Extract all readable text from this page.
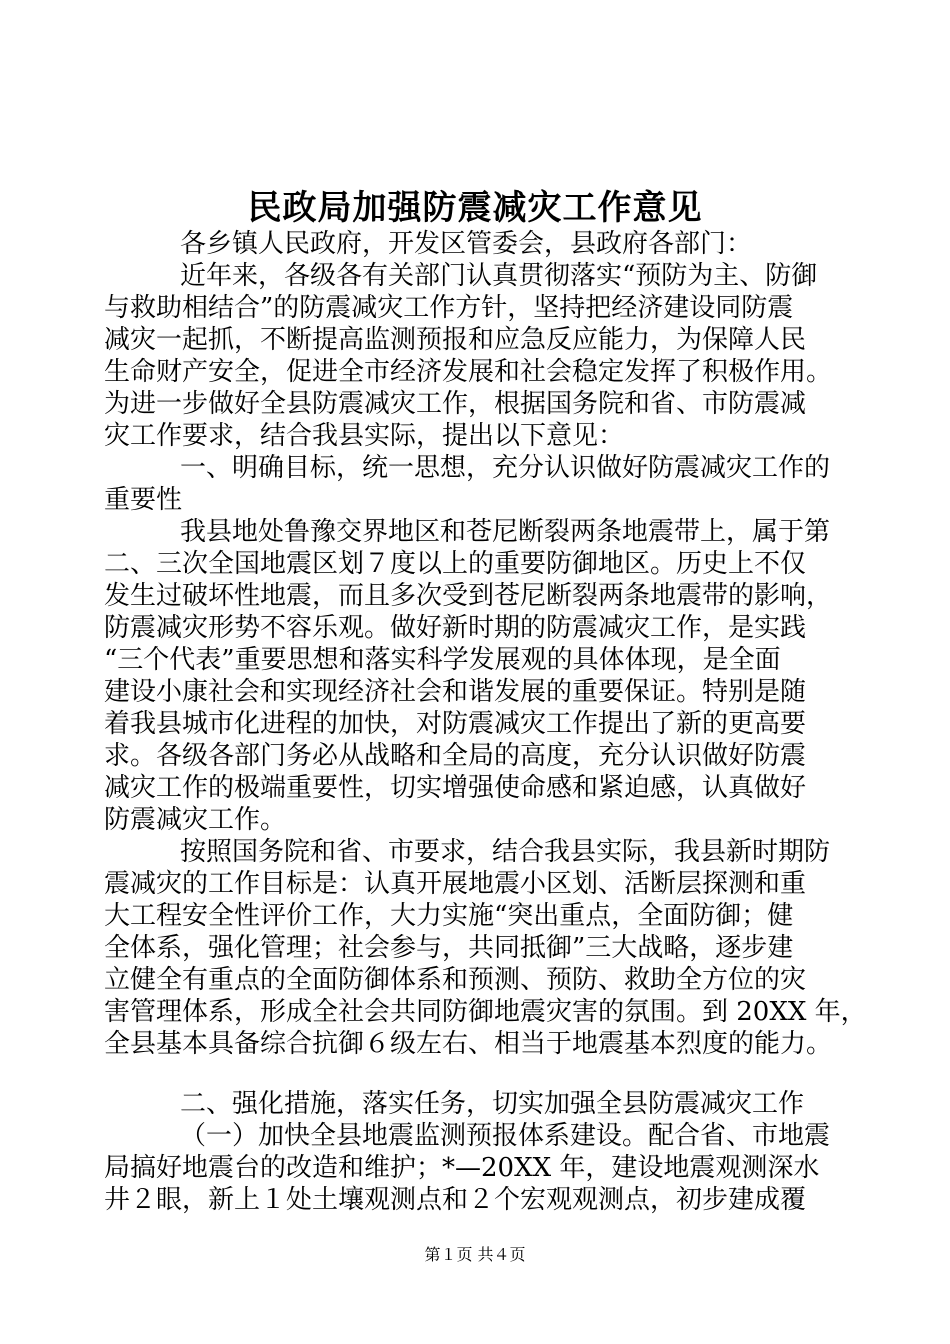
民政局加强防震减灾工作意见
各乡镇人民政府，开发区管委会，县政府各部门：
近年来，各级各有关部门认真贯彻落实“预防为主、防御
与救助相结合”的防震减灾工作方针，坚持把经济建设同防震
减灾一起抓，不断提高监测预报和应急反应能力，为保障人民
生命财产安全，促进全市经济发展和社会稳定发挥了积极作用。
为进一步做好全县防震减灾工作，根据国务院和省、市防震减
灾工作要求，结合我县实际，提出以下意见：
一、明确目标，统一思想，充分认识做好防震减灾工作的
重要性
我县地处鲁豫交界地区和苍尼断裂两条地震带上，属于第
二、三次全国地震区划７度以上的重要防御地区。历史上不仅
发生过破坏性地震，而且多次受到苍尼断裂两条地震带的影响，
防震减灾形势不容乐观。做好新时期的防震减灾工作，是实践
“三个代表”重要思想和落实科学发展观的具体体现，是全面
建设小康社会和实现经济社会和谐发展的重要保证。特别是随
着我县城市化进程的加快，对防震减灾工作提出了新的更高要
求。各级各部门务必从战略和全局的高度，充分认识做好防震
减灾工作的极端重要性，切实增强使命感和紧迫感，认真做好
防震减灾工作。
按照国务院和省、市要求，结合我县实际，我县新时期防
震减灾的工作目标是：认真开展地震小区划、活断层探测和重
大工程安全性评价工作，大力实施“突出重点，全面防御；健
全体系，强化管理；社会参与，共同抵御”三大战略，逐步建
立健全有重点的全面防御体系和预测、预防、救助全方位的灾
害管理体系，形成全社会共同防御地震灾害的氛围。到 20XX 年，
全县基本具备综合抗御６级左右、相当于地震基本烈度的能力。
二、强化措施，落实任务，切实加强全县防震减灾工作
（一）加快全县地震监测预报体系建设。配合省、市地震
局搞好地震台的改造和维护；*—20XX 年，建设地震观测深水
井２眼，新上１处土壤观测点和２个宏观观测点，初步建成覆
第１页 共４页
